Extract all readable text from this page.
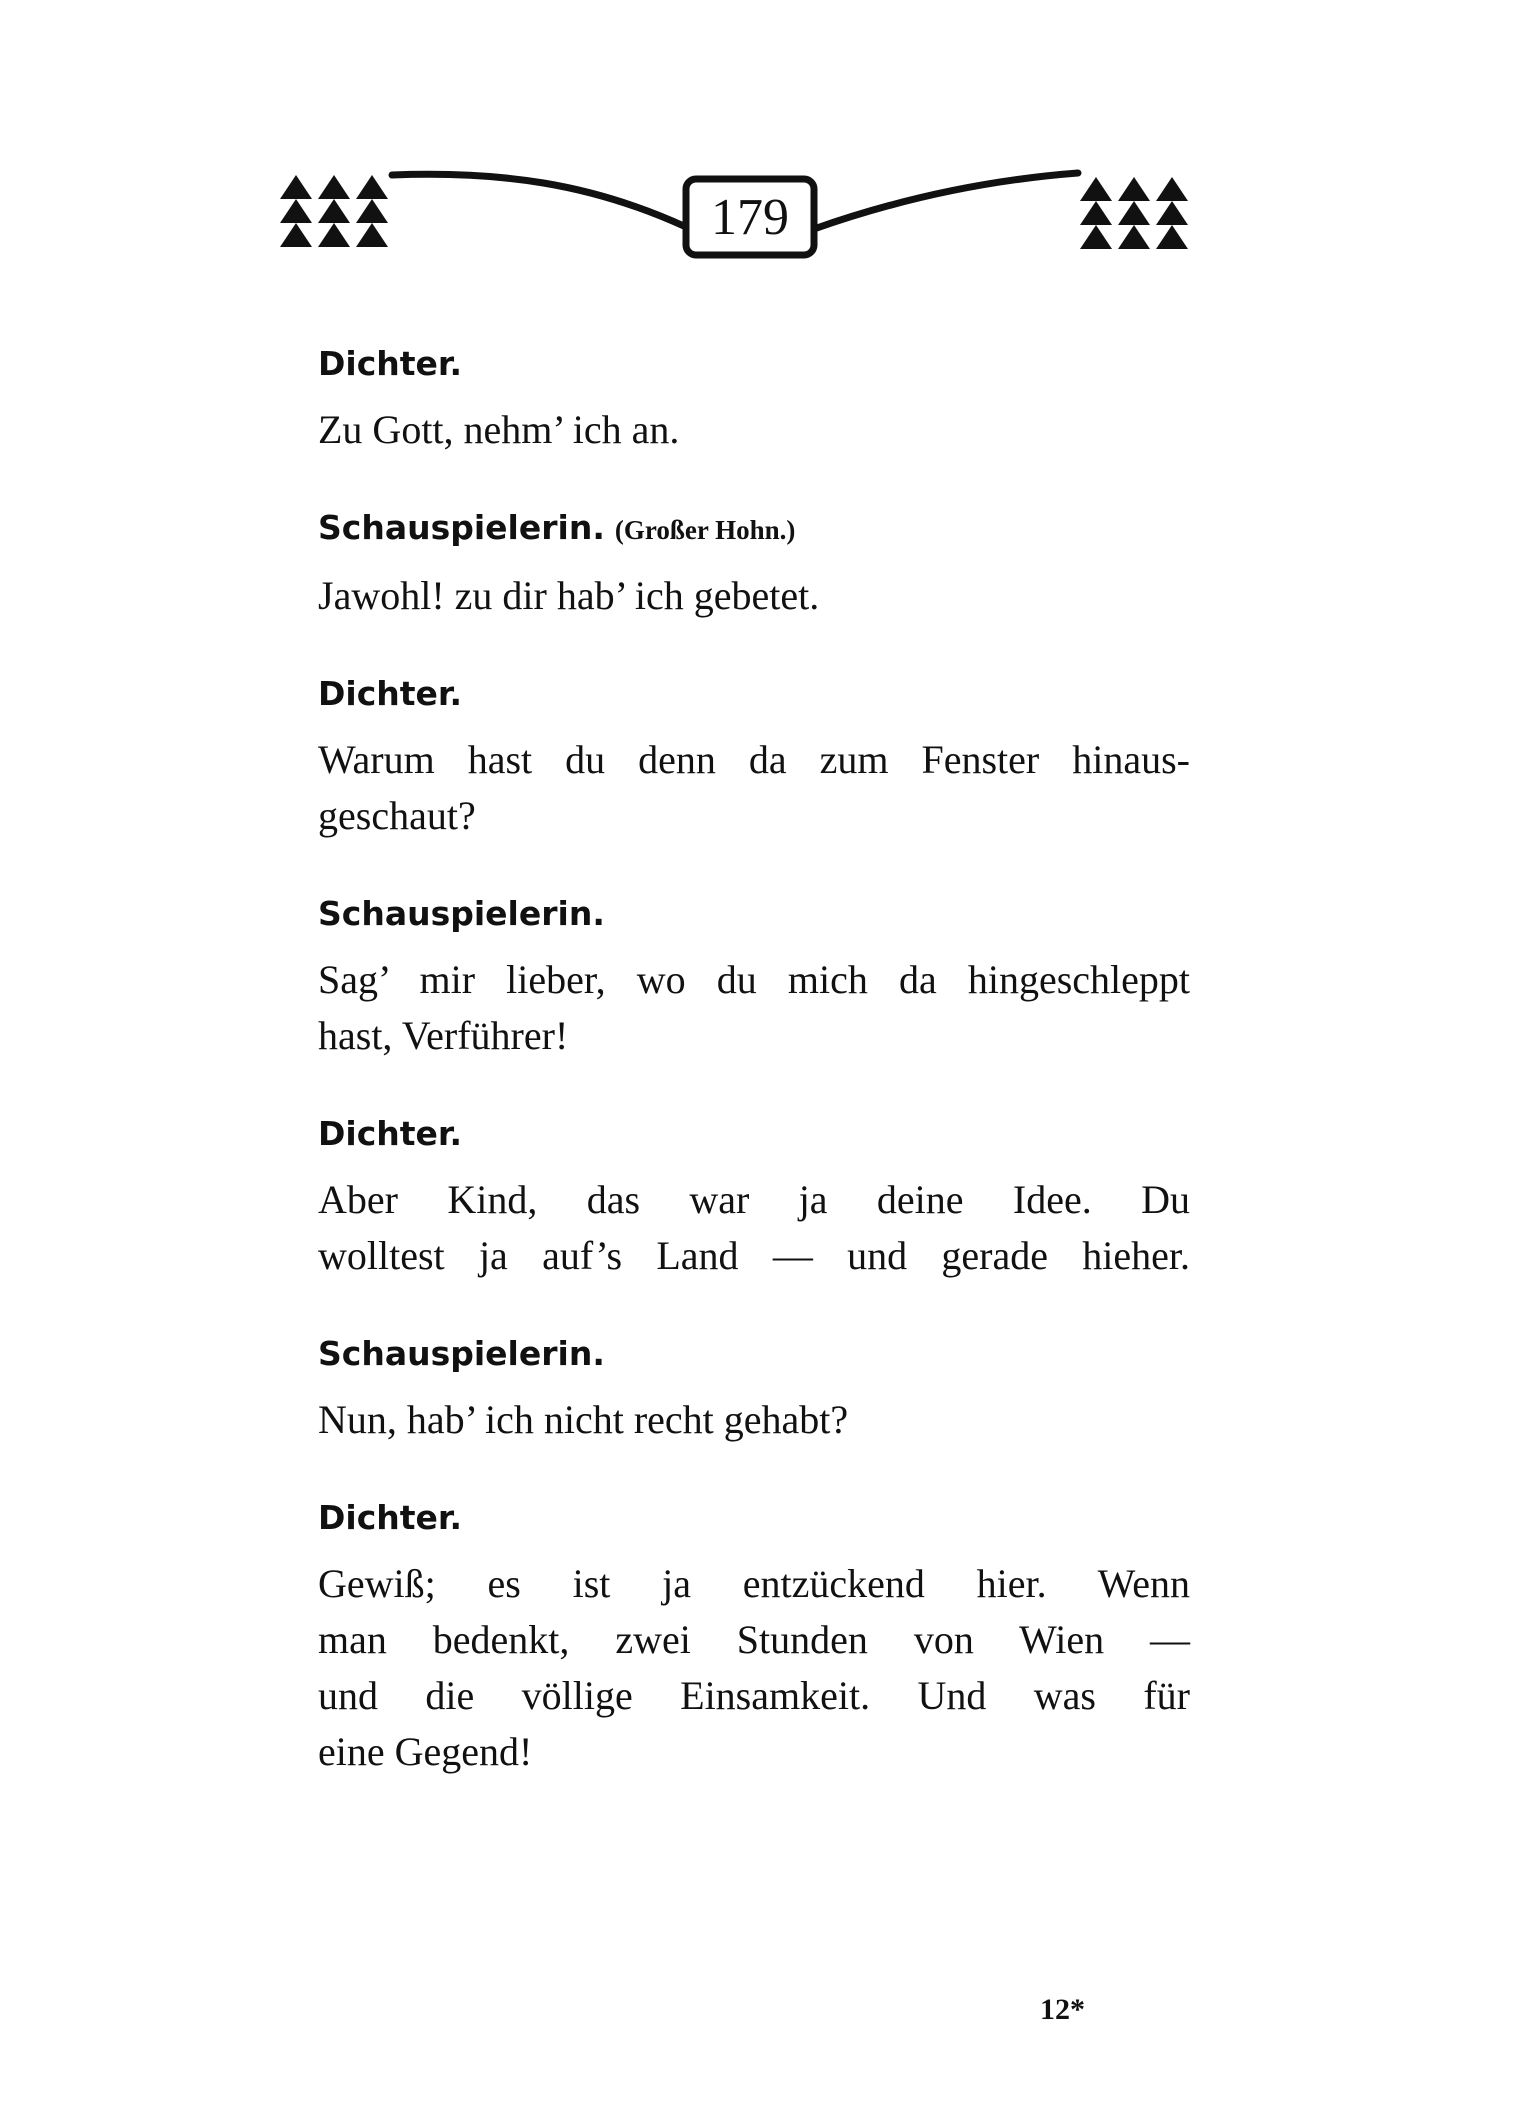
179
Dichter.
Zu Gott, nehm’ ich an.
Schauspielerin. (Großer Hohn.)
Jawohl! zu dir hab’ ich gebetet.
Dichter.
Warum hast du denn da zum Fenster hinaus-
geschaut?
Schauspielerin.
Sag’ mir lieber, wo du mich da hingeschleppt
hast, Verführer!
Dichter.
Aber Kind, das war ja deine Idee. Du
wolltest ja auf’s Land — und gerade hieher.
Schauspielerin.
Nun, hab’ ich nicht recht gehabt?
Dichter.
Gewiß; es ist ja entzückend hier. Wenn
man bedenkt, zwei Stunden von Wien —
und die völlige Einsamkeit. Und was für
eine Gegend!
12*
